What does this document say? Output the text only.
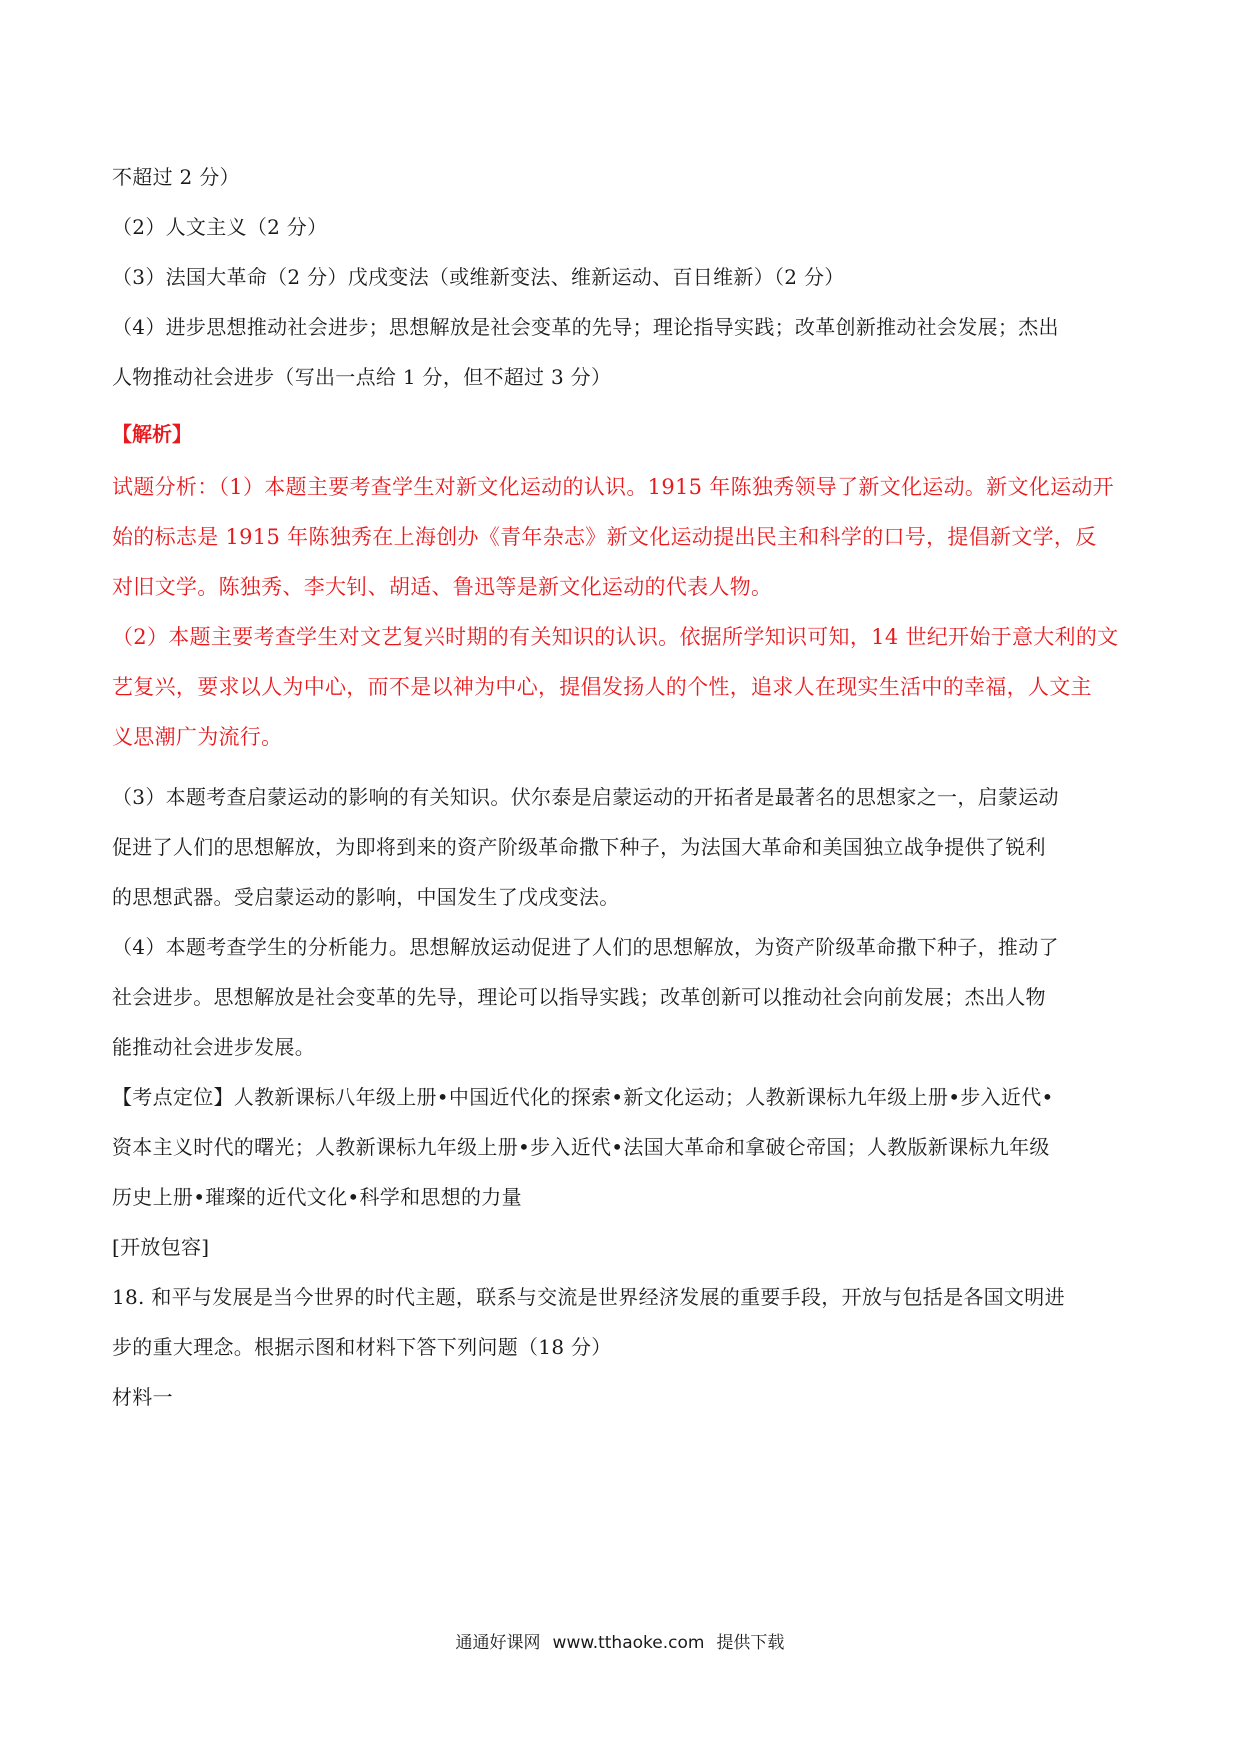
不超过 2 分）
（2）人文主义（2 分）
（3）法国大革命（2 分）戊戌变法（或维新变法、维新运动、百日维新）（2 分）
（4）进步思想推动社会进步；思想解放是社会变革的先导；理论指导实践；改革创新推动社会发展；杰出
人物推动社会进步（写出一点给 1 分，但不超过 3 分）
【解析】
试题分析：（1）本题主要考查学生对新文化运动的认识。1915 年陈独秀领导了新文化运动。新文化运动开
始的标志是 1915 年陈独秀在上海创办《青年杂志》新文化运动提出民主和科学的口号，提倡新文学，反
对旧文学。陈独秀、李大钊、胡适、鲁迅等是新文化运动的代表人物。
（2）本题主要考查学生对文艺复兴时期的有关知识的认识。依据所学知识可知，14 世纪开始于意大利的文
艺复兴，要求以人为中心，而不是以神为中心，提倡发扬人的个性，追求人在现实生活中的幸福，人文主
义思潮广为流行。
（3）本题考查启蒙运动的影响的有关知识。伏尔泰是启蒙运动的开拓者是最著名的思想家之一，启蒙运动
促进了人们的思想解放，为即将到来的资产阶级革命撒下种子，为法国大革命和美国独立战争提供了锐利
的思想武器。受启蒙运动的影响，中国发生了戊戌变法。
（4）本题考查学生的分析能力。思想解放运动促进了人们的思想解放，为资产阶级革命撒下种子，推动了
社会进步。思想解放是社会变革的先导，理论可以指导实践；改革创新可以推动社会向前发展；杰出人物
能推动社会进步发展。
【考点定位】人教新课标八年级上册•中国近代化的探索•新文化运动；人教新课标九年级上册•步入近代•
资本主义时代的曙光；人教新课标九年级上册•步入近代•法国大革命和拿破仑帝国；人教版新课标九年级
历史上册•璀璨的近代文化•科学和思想的力量
[开放包容]
18. 和平与发展是当今世界的时代主题，联系与交流是世界经济发展的重要手段，开放与包括是各国文明进
步的重大理念。根据示图和材料下答下列问题（18 分）
材料一
通通好课网 www.tthaoke.com 提供下载
